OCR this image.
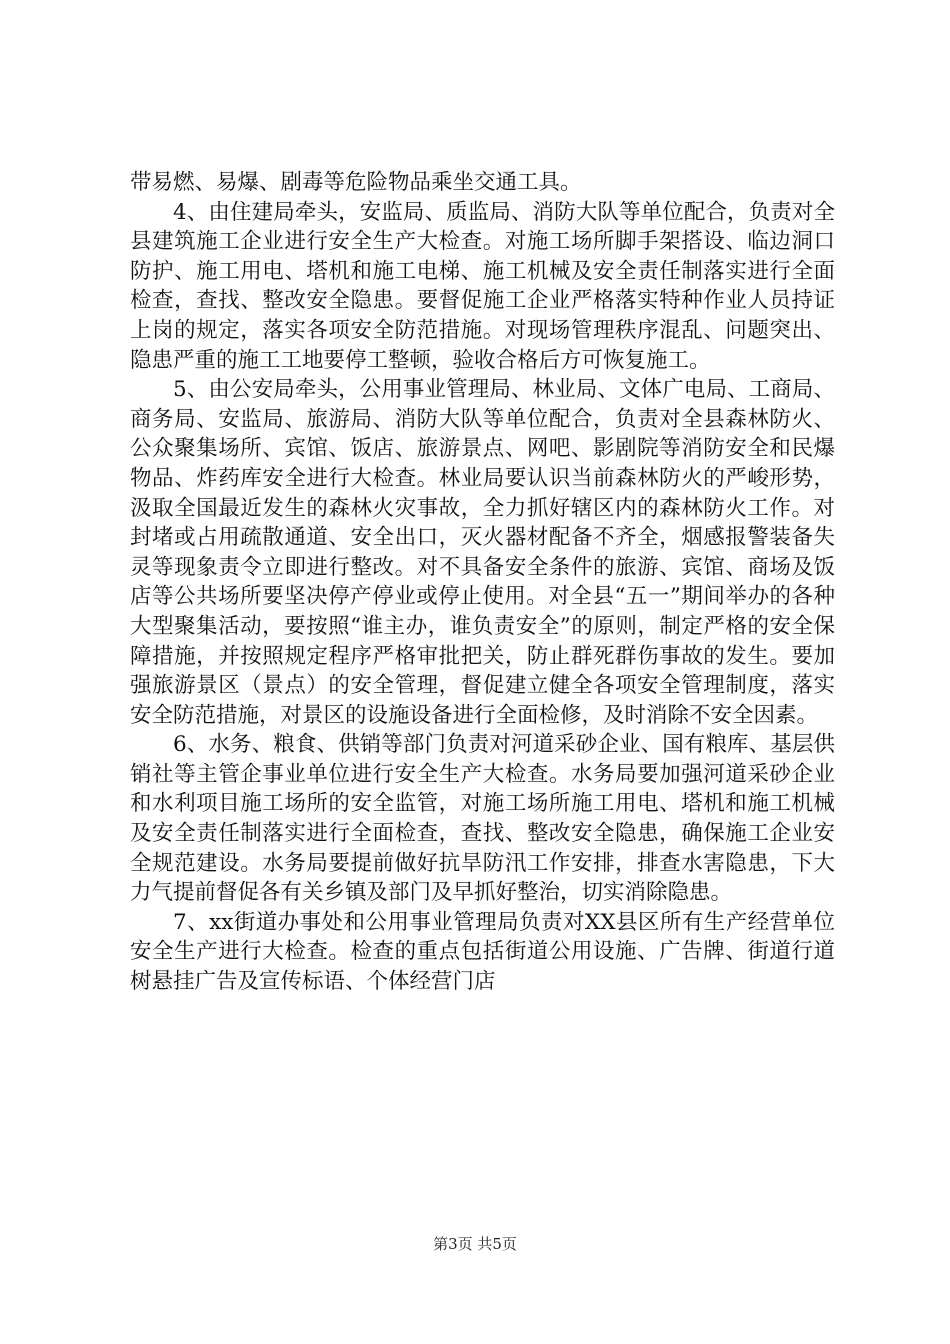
带易燃、易爆、剧毒等危险物品乘坐交通工具。

4、由住建局牵头，安监局、质监局、消防大队等单位配合，负责对全县建筑施工企业进行安全生产大检查。对施工场所脚手架搭设、临边洞口防护、施工用电、塔机和施工电梯、施工机械及安全责任制落实进行全面检查，查找、整改安全隐患。要督促施工企业严格落实特种作业人员持证上岗的规定，落实各项安全防范措施。对现场管理秩序混乱、问题突出、隐患严重的施工工地要停工整顿，验收合格后方可恢复施工。

5、由公安局牵头，公用事业管理局、林业局、文体广电局、工商局、商务局、安监局、旅游局、消防大队等单位配合，负责对全县森林防火、公众聚集场所、宾馆、饭店、旅游景点、网吧、影剧院等消防安全和民爆物品、炸药库安全进行大检查。林业局要认识当前森林防火的严峻形势，汲取全国最近发生的森林火灾事故，全力抓好辖区内的森林防火工作。对封堵或占用疏散通道、安全出口，灭火器材配备不齐全，烟感报警装备失灵等现象责令立即进行整改。对不具备安全条件的旅游、宾馆、商场及饭店等公共场所要坚决停产停业或停止使用。对全县“五一”期间举办的各种大型聚集活动，要按照“谁主办，谁负责安全”的原则，制定严格的安全保障措施，并按照规定程序严格审批把关，防止群死群伤事故的发生。要加强旅游景区（景点）的安全管理，督促建立健全各项安全管理制度，落实安全防范措施，对景区的设施设备进行全面检修，及时消除不安全因素。

6、水务、粮食、供销等部门负责对河道采砂企业、国有粮库、基层供销社等主管企事业单位进行安全生产大检查。水务局要加强河道采砂企业和水利项目施工场所的安全监管，对施工场所施工用电、塔机和施工机械及安全责任制落实进行全面检查，查找、整改安全隐患，确保施工企业安全规范建设。水务局要提前做好抗旱防汛工作安排，排查水害隐患，下大力气提前督促各有关乡镇及部门及早抓好整治，切实消除隐患。

7、xx街道办事处和公用事业管理局负责对XX县区所有生产经营单位安全生产进行大检查。检查的重点包括街道公用设施、广告牌、街道行道树悬挂广告及宣传标语、个体经营门店

第3页 共5页
